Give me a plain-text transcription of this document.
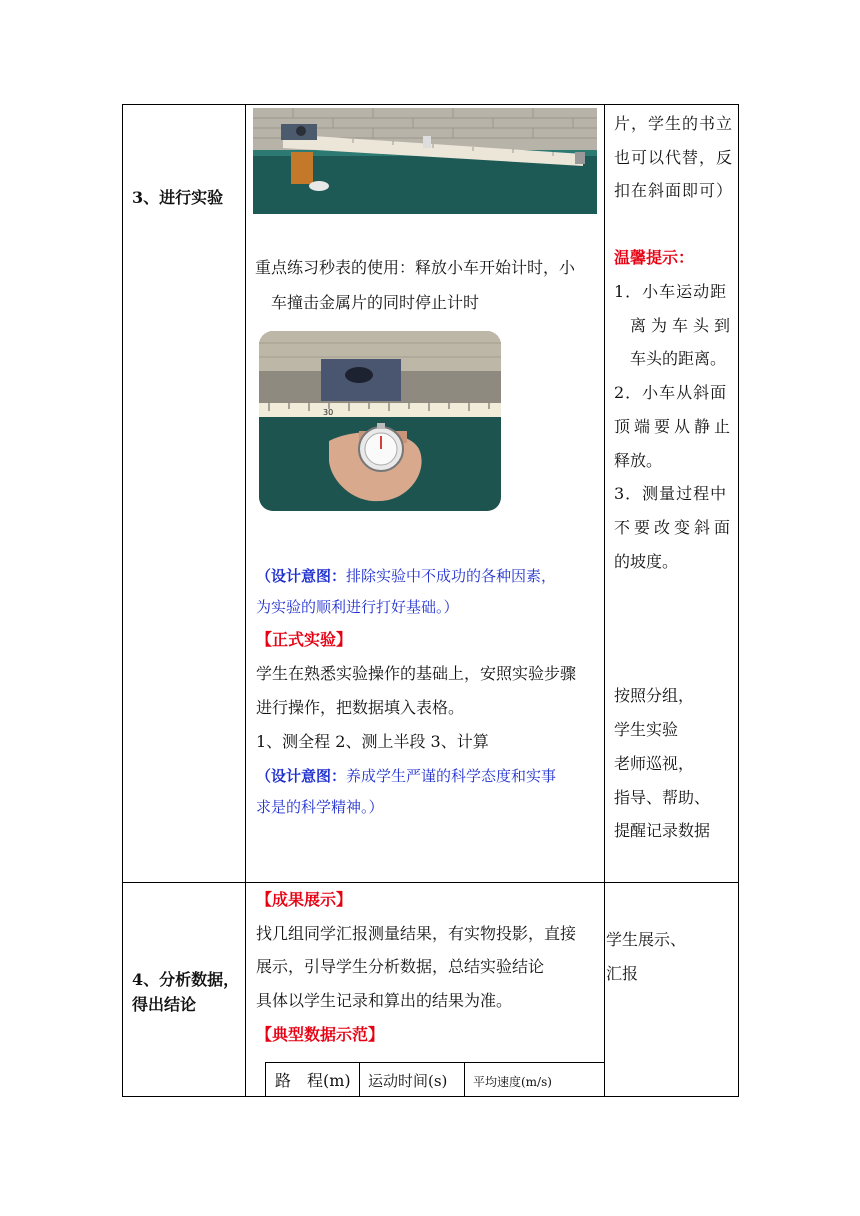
3、进行实验
重点练习秒表的使用：释放小车开始计时，小
车撞击金属片的同时停止计时
30
（设计意图：排除实验中不成功的各种因素，
为实验的顺利进行打好基础。）
【正式实验】
学生在熟悉实验操作的基础上，安照实验步骤
进行操作，把数据填入表格。
1、测全程 2、测上半段 3、计算
（设计意图：养成学生严谨的科学态度和实事
求是的科学精神。）
片，学生的书立
也可以代替，反
扣在斜面即可）
温馨提示：
1．小车运动距
离为车头到
车头的距离。
2．小车从斜面
顶端要从静止
释放。
3．测量过程中
不要改变斜面
的坡度。
按照分组，
学生实验
老师巡视，
指导、帮助、
提醒记录数据
4、分析数据，
得出结论
【成果展示】
找几组同学汇报测量结果，有实物投影，直接
展示，引导学生分析数据，总结实验结论
具体以学生记录和算出的结果为准。
【典型数据示范】
路　程(m) 运动时间(s) 平均速度(m/s)
学生展示、
汇报
